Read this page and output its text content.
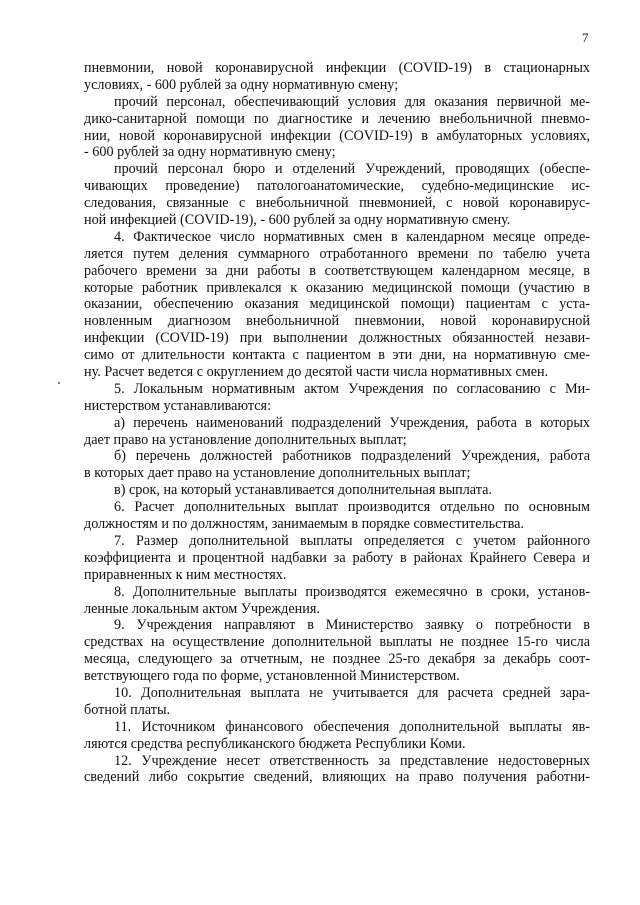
7
пневмонии, новой коронавирусной инфекции (COVID-19) в стационарных
условиях, - 600 рублей за одну нормативную смену;
прочий персонал, обеспечивающий условия для оказания первичной ме-
дико-санитарной помощи по диагностике и лечению внебольничной пневмо-
нии, новой коронавирусной инфекции (COVID-19) в амбулаторных условиях,
- 600 рублей за одну нормативную смену;
прочий персонал бюро и отделений Учреждений, проводящих (обеспе-
чивающих проведение) патологоанатомические, судебно-медицинские ис-
следования, связанные с внебольничной пневмонией, с новой коронавирус-
ной инфекцией (COVID-19), - 600 рублей за одну нормативную смену.
4. Фактическое число нормативных смен в календарном месяце опреде-
ляется путем деления суммарного отработанного времени по табелю учета
рабочего времени за дни работы в соответствующем календарном месяце, в
которые работник привлекался к оказанию медицинской помощи (участию в
оказании, обеспечению оказания медицинской помощи) пациентам с уста-
новленным диагнозом внебольничной пневмонии, новой коронавирусной
инфекции (COVID-19) при выполнении должностных обязанностей незави-
симо от длительности контакта с пациентом в эти дни, на нормативную сме-
ну. Расчет ведется с округлением до десятой части числа нормативных смен.
5. Локальным нормативным актом Учреждения по согласованию с Ми-
нистерством устанавливаются:
а) перечень наименований подразделений Учреждения, работа в которых
дает право на установление дополнительных выплат;
б) перечень должностей работников подразделений Учреждения, работа
в которых дает право на установление дополнительных выплат;
в) срок, на который устанавливается дополнительная выплата.
6. Расчет дополнительных выплат производится отдельно по основным
должностям и по должностям, занимаемым в порядке совместительства.
7. Размер дополнительной выплаты определяется с учетом районного
коэффициента и процентной надбавки за работу в районах Крайнего Севера и
приравненных к ним местностях.
8. Дополнительные выплаты производятся ежемесячно в сроки, установ-
ленные локальным актом Учреждения.
9. Учреждения направляют в Министерство заявку о потребности в
средствах на осуществление дополнительной выплаты не позднее 15-го числа
месяца, следующего за отчетным, не позднее 25-го декабря за декабрь соот-
ветствующего года по форме, установленной Министерством.
10. Дополнительная выплата не учитывается для расчета средней зара-
ботной платы.
11. Источником финансового обеспечения дополнительной выплаты яв-
ляются средства республиканского бюджета Республики Коми.
12. Учреждение несет ответственность за представление недостоверных
сведений либо сокрытие сведений, влияющих на право получения работни-
